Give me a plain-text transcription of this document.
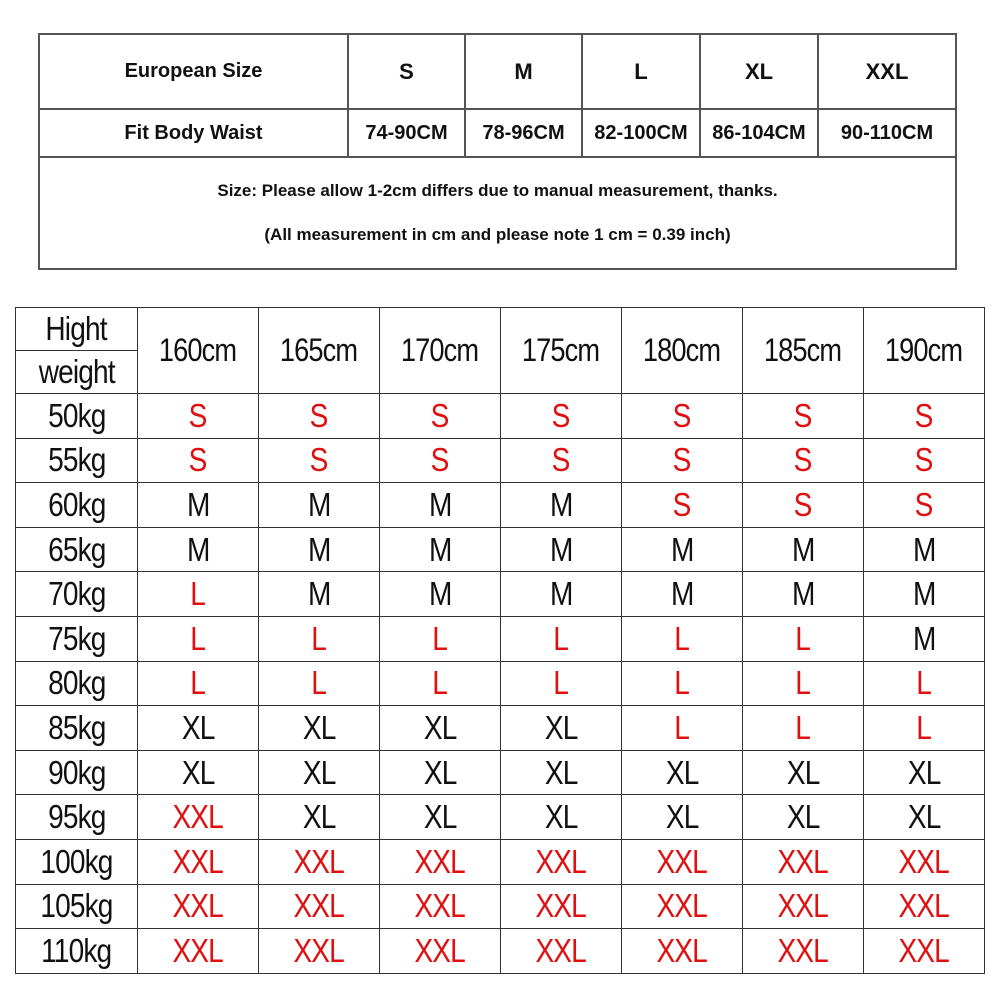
European Size	S	M	L	XL	XXL
Fit Body Waist	74-90CM	78-96CM	82-100CM	86-104CM	90-110CM

Size: Please allow 1-2cm differs due to manual measurement, thanks.
(All measurement in cm and please note 1 cm = 0.39 inch)					
Hight	160cm	165cm	170cm	175cm	180cm	185cm	190cm
weight							
50kg	S	S	S	S	S	S	S
55kg	S	S	S	S	S	S	S
60kg	M	M	M	M	S	S	S
65kg	M	M	M	M	M	M	M
70kg	L	M	M	M	M	M	M
75kg	L	L	L	L	L	L	M
80kg	L	L	L	L	L	L	L
85kg	XL	XL	XL	XL	L	L	L
90kg	XL	XL	XL	XL	XL	XL	XL
95kg	XXL	XL	XL	XL	XL	XL	XL
100kg	XXL	XXL	XXL	XXL	XXL	XXL	XXL
105kg	XXL	XXL	XXL	XXL	XXL	XXL	XXL
110kg	XXL	XXL	XXL	XXL	XXL	XXL	XXL
